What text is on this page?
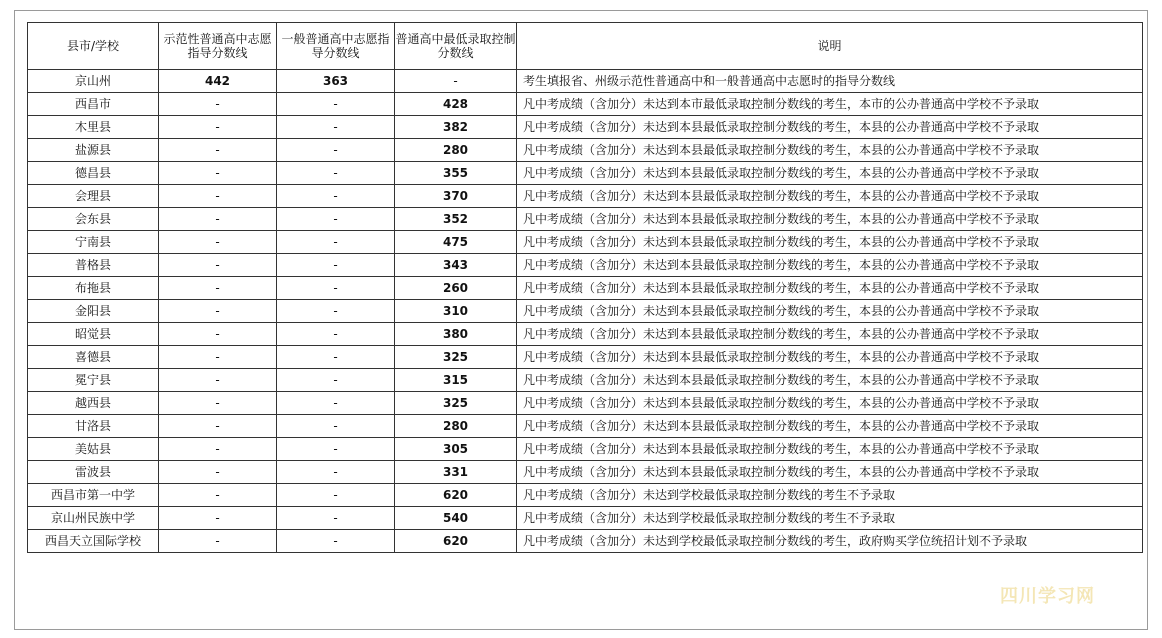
县市/学校	示范性普通高中志愿指导分数线	一般普通高中志愿指导分数线	普通高中最低录取控制分数线	说明
京山州	442	363	-	考生填报省、州级示范性普通高中和一般普通高中志愿时的指导分数线
西昌市	-	-	428	凡中考成绩（含加分）未达到本市最低录取控制分数线的考生，本市的公办普通高中学校不予录取
木里县	-	-	382	凡中考成绩（含加分）未达到本县最低录取控制分数线的考生，本县的公办普通高中学校不予录取
盐源县	-	-	280	凡中考成绩（含加分）未达到本县最低录取控制分数线的考生，本县的公办普通高中学校不予录取
德昌县	-	-	355	凡中考成绩（含加分）未达到本县最低录取控制分数线的考生，本县的公办普通高中学校不予录取
会理县	-	-	370	凡中考成绩（含加分）未达到本县最低录取控制分数线的考生，本县的公办普通高中学校不予录取
会东县	-	-	352	凡中考成绩（含加分）未达到本县最低录取控制分数线的考生，本县的公办普通高中学校不予录取
宁南县	-	-	475	凡中考成绩（含加分）未达到本县最低录取控制分数线的考生，本县的公办普通高中学校不予录取
普格县	-	-	343	凡中考成绩（含加分）未达到本县最低录取控制分数线的考生，本县的公办普通高中学校不予录取
布拖县	-	-	260	凡中考成绩（含加分）未达到本县最低录取控制分数线的考生，本县的公办普通高中学校不予录取
金阳县	-	-	310	凡中考成绩（含加分）未达到本县最低录取控制分数线的考生，本县的公办普通高中学校不予录取
昭觉县	-	-	380	凡中考成绩（含加分）未达到本县最低录取控制分数线的考生，本县的公办普通高中学校不予录取
喜德县	-	-	325	凡中考成绩（含加分）未达到本县最低录取控制分数线的考生，本县的公办普通高中学校不予录取
冕宁县	-	-	315	凡中考成绩（含加分）未达到本县最低录取控制分数线的考生，本县的公办普通高中学校不予录取
越西县	-	-	325	凡中考成绩（含加分）未达到本县最低录取控制分数线的考生，本县的公办普通高中学校不予录取
甘洛县	-	-	280	凡中考成绩（含加分）未达到本县最低录取控制分数线的考生，本县的公办普通高中学校不予录取
美姑县	-	-	305	凡中考成绩（含加分）未达到本县最低录取控制分数线的考生，本县的公办普通高中学校不予录取
雷波县	-	-	331	凡中考成绩（含加分）未达到本县最低录取控制分数线的考生，本县的公办普通高中学校不予录取
西昌市第一中学	-	-	620	凡中考成绩（含加分）未达到学校最低录取控制分数线的考生不予录取
京山州民族中学	-	-	540	凡中考成绩（含加分）未达到学校最低录取控制分数线的考生不予录取
西昌天立国际学校	-	-	620	凡中考成绩（含加分）未达到学校最低录取控制分数线的考生，政府购买学位统招计划不予录取
四川学习网
